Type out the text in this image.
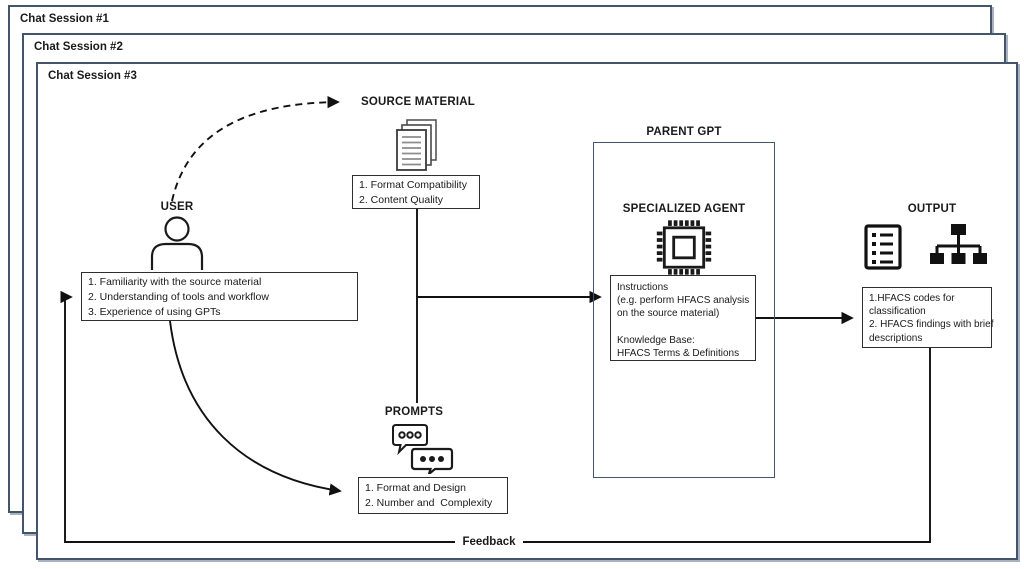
Chat Session #1
Chat Session #2
Chat Session #3
USER
1. Familiarity with the source material
2. Understanding of tools and workflow
3. Experience of using GPTs
SOURCE MATERIAL
1. Format Compatibility
2. Content Quality
PROMPTS
1. Format and Design
2. Number and  Complexity
PARENT GPT
SPECIALIZED AGENT
Instructions
(e.g. perform HFACS analysis
on the source material)
Knowledge Base:
HFACS Terms & Definitions
OUTPUT
1.HFACS codes for
classification
2. HFACS findings with brief
descriptions
Feedback
